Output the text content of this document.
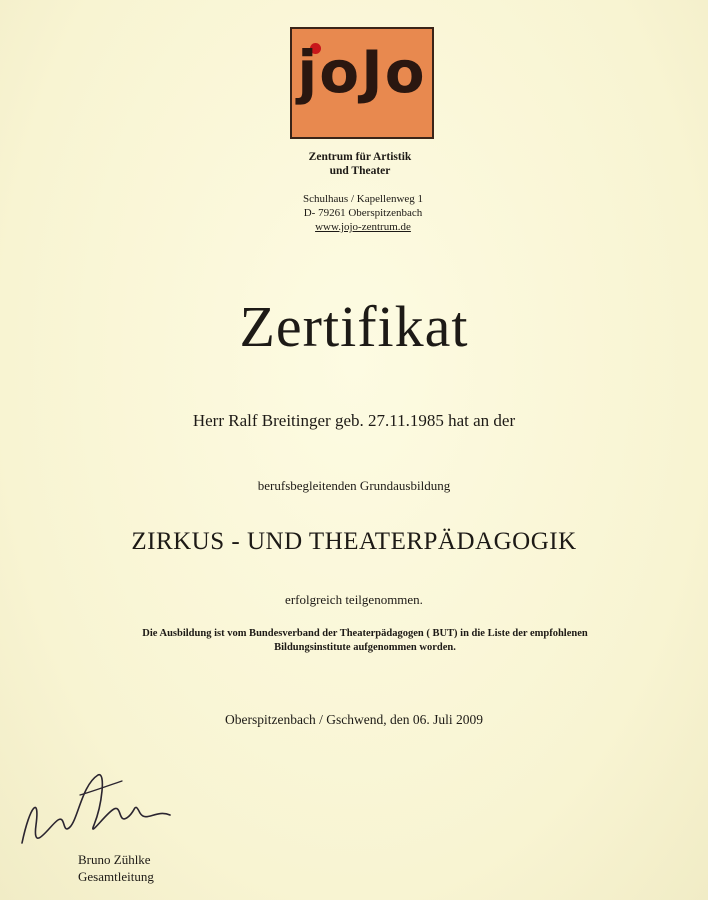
joJo
Zentrum für Artistik
und Theater
Schulhaus / Kapellenweg 1
D- 79261 Oberspitzenbach
www.jojo-zentrum.de
Zertifikat
Herr Ralf Breitinger geb. 27.11.1985 hat an der
berufsbegleitenden Grundausbildung
ZIRKUS - UND THEATERPÄDAGOGIK
erfolgreich teilgenommen.
Die Ausbildung ist vom Bundesverband der Theaterpädagogen ( BUT) in die Liste der empfohlenen
Bildungsinstitute aufgenommen worden.
Oberspitzenbach / Gschwend, den 06. Juli 2009
Bruno Zühlke
Gesamtleitung
